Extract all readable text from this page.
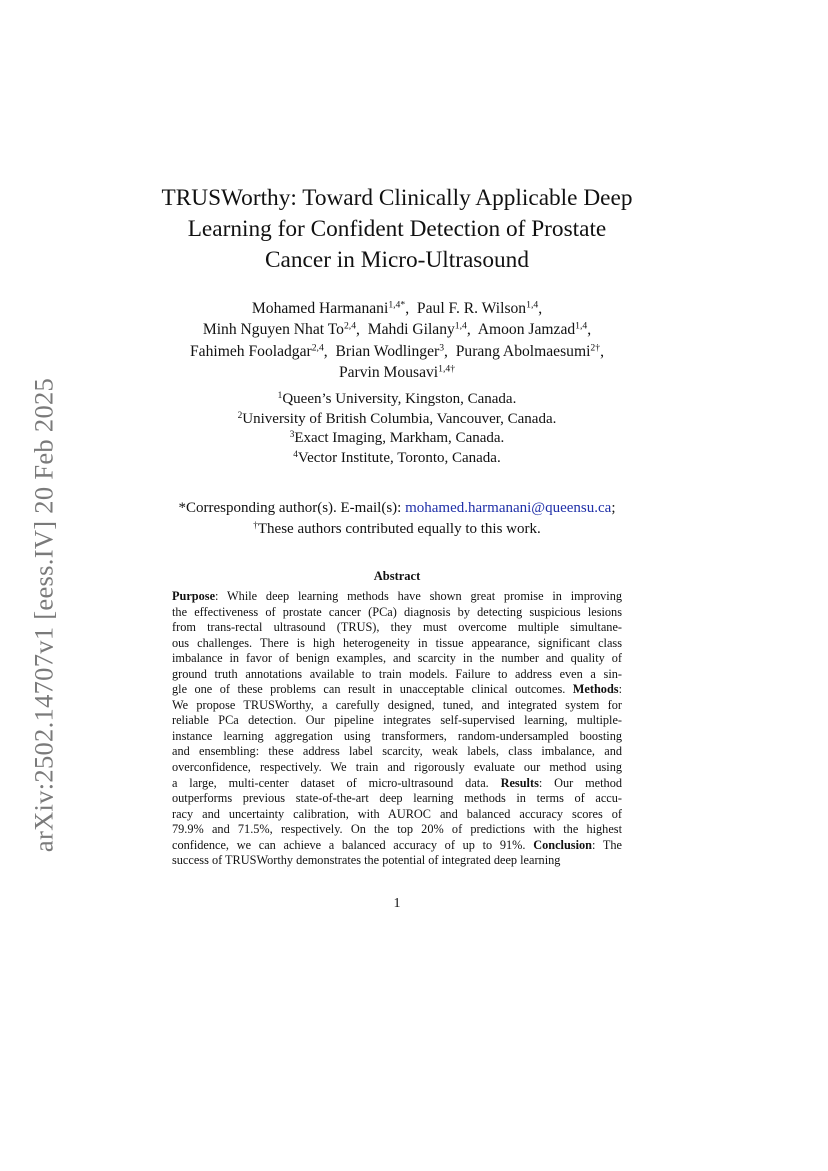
arXiv:2502.14707v1 [eess.IV] 20 Feb 2025
TRUSWorthy: Toward Clinically Applicable Deep
Learning for Confident Detection of Prostate
Cancer in Micro-Ultrasound
Mohamed Harmanani$^{1,4*}$,  Paul F. R. Wilson$^{1,4}$,
Minh Nguyen Nhat To$^{2,4}$,  Mahdi Gilany$^{1,4}$,  Amoon Jamzad$^{1,4}$,
Fahimeh Fooladgar$^{2,4}$,  Brian Wodlinger$^3$,  Purang Abolmaesumi$^{2\dagger}$,
Parvin Mousavi$^{1,4\dagger}$
$^1$Queen’s University, Kingston, Canada.
$^2$University of British Columbia, Vancouver, Canada.
$^3$Exact Imaging, Markham, Canada.
$^4$Vector Institute, Toronto, Canada.
*Corresponding author(s). E-mail(s): mohamed.harmanani@queensu.ca;
†These authors contributed equally to this work.
Abstract
Purpose: While deep learning methods have shown great promise in improving
the effectiveness of prostate cancer (PCa) diagnosis by detecting suspicious lesions
from trans-rectal ultrasound (TRUS), they must overcome multiple simultane-
ous challenges. There is high heterogeneity in tissue appearance, significant class
imbalance in favor of benign examples, and scarcity in the number and quality of
ground truth annotations available to train models. Failure to address even a sin-
gle one of these problems can result in unacceptable clinical outcomes. Methods:
We propose TRUSWorthy, a carefully designed, tuned, and integrated system for
reliable PCa detection. Our pipeline integrates self-supervised learning, multiple-
instance learning aggregation using transformers, random-undersampled boosting
and ensembling: these address label scarcity, weak labels, class imbalance, and
overconfidence, respectively. We train and rigorously evaluate our method using
a large, multi-center dataset of micro-ultrasound data. Results: Our method
outperforms previous state-of-the-art deep learning methods in terms of accu-
racy and uncertainty calibration, with AUROC and balanced accuracy scores of
79.9% and 71.5%, respectively. On the top 20% of predictions with the highest
confidence, we can achieve a balanced accuracy of up to 91%. Conclusion: The
success of TRUSWorthy demonstrates the potential of integrated deep learning
1
